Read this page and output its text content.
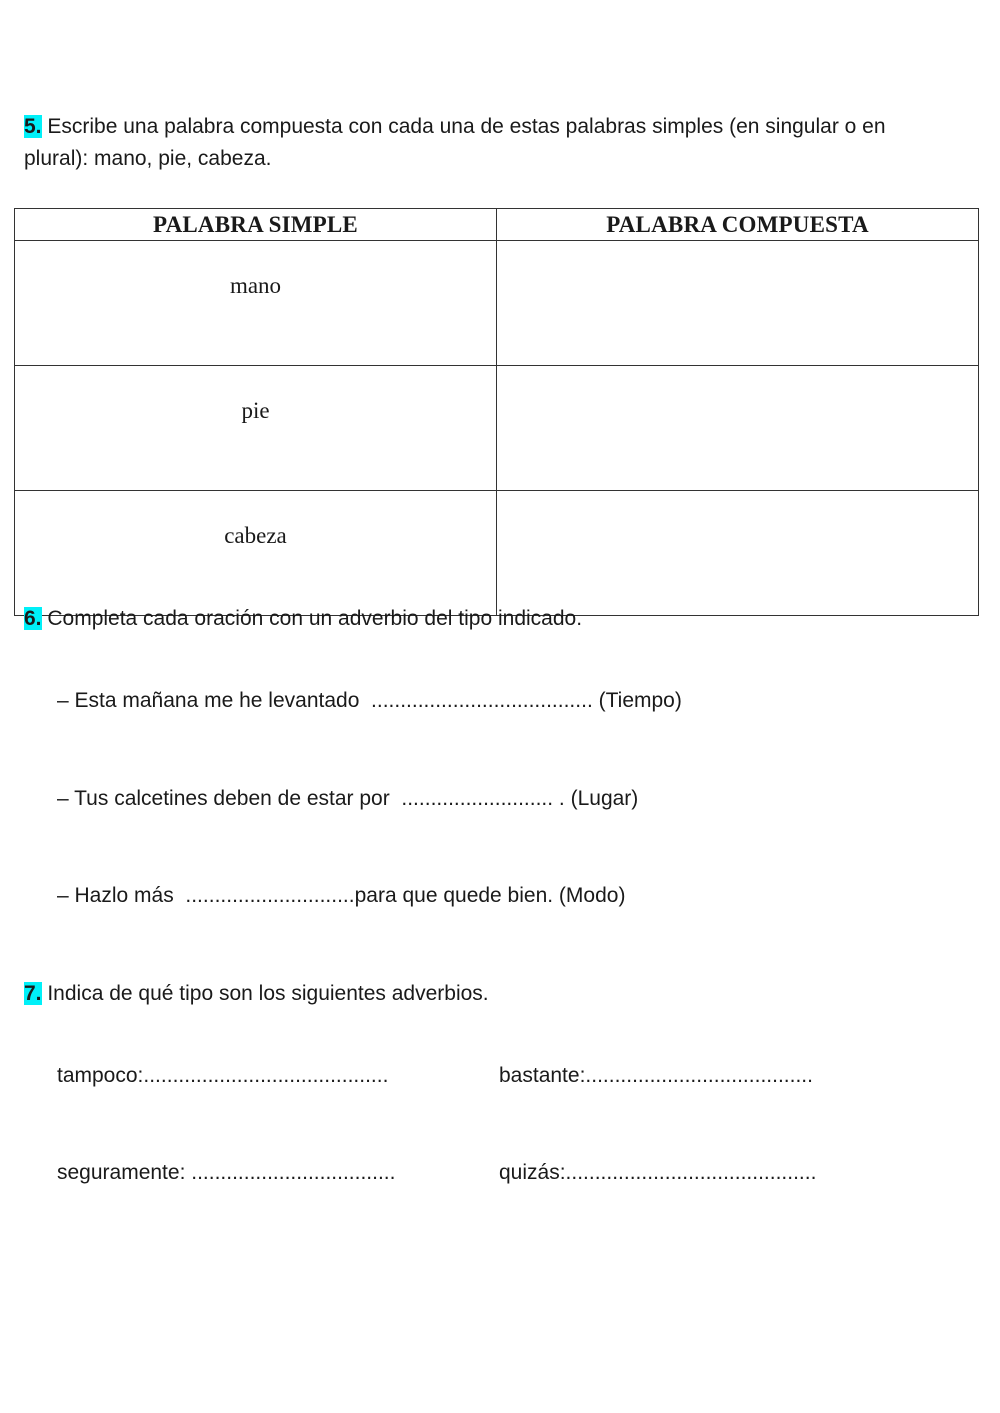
5. Escribe una palabra compuesta con cada una de estas palabras simples (en singular o en plural): mano, pie, cabeza.
PALABRA SIMPLE	PALABRA COMPUESTA
mano	
pie	
cabeza	
6. Completa cada oración con un adverbio del tipo indicado.
– Esta mañana me he levantado  ...................................... (Tiempo)
– Tus calcetines deben de estar por  .......................... . (Lugar)
– Hazlo más  .............................para que quede bien. (Modo)
7. Indica de qué tipo son los siguientes adverbios.
tampoco:..........................................	bastante:.......................................
seguramente: ...................................	quizás:...........................................
